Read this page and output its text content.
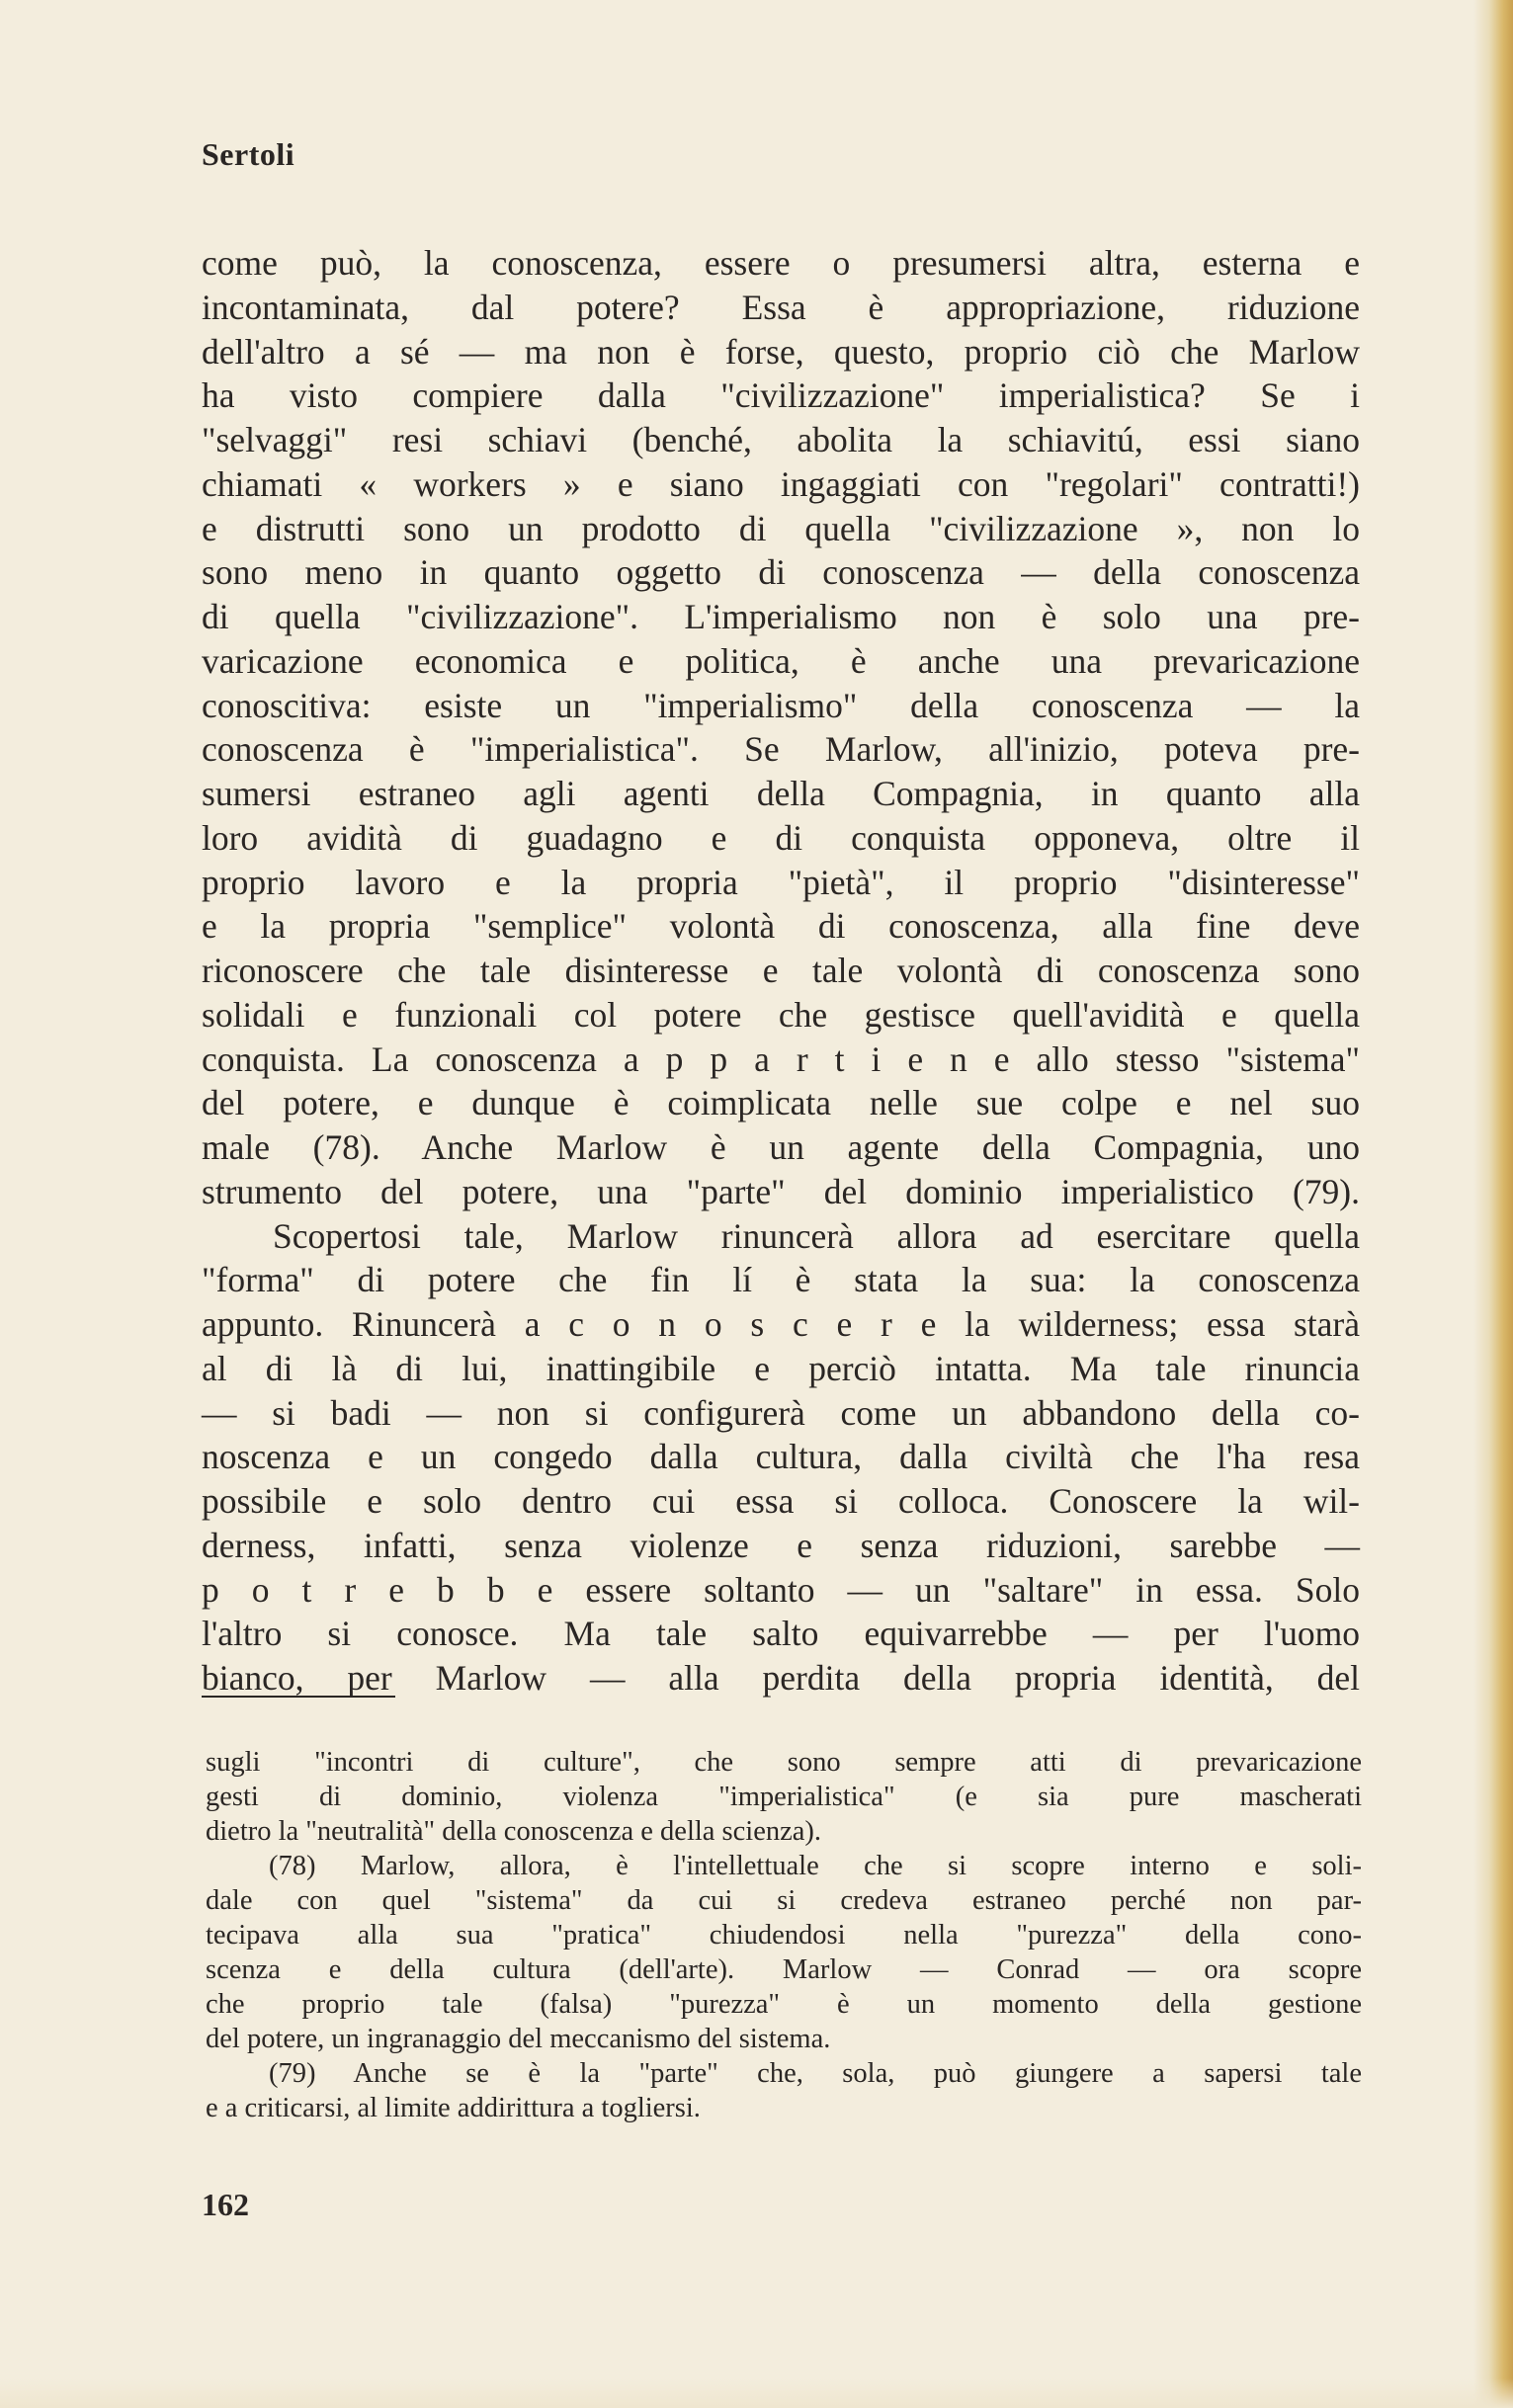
Sertoli
come può, la conoscenza, essere o presumersi altra, esterna e
incontaminata, dal potere? Essa è appropriazione, riduzione
dell'altro a sé — ma non è forse, questo, proprio ciò che Marlow
ha visto compiere dalla "civilizzazione" imperialistica? Se i
"selvaggi" resi schiavi (benché, abolita la schiavitú, essi siano
chiamati « workers » e siano ingaggiati con "regolari" contratti!)
e distrutti sono un prodotto di quella "civilizzazione », non lo
sono meno in quanto oggetto di conoscenza — della conoscenza
di quella "civilizzazione". L'imperialismo non è solo una pre-
varicazione economica e politica, è anche una prevaricazione
conoscitiva: esiste un "imperialismo" della conoscenza — la
conoscenza è "imperialistica". Se Marlow, all'inizio, poteva pre-
sumersi estraneo agli agenti della Compagnia, in quanto alla
loro avidità di guadagno e di conquista opponeva, oltre il
proprio lavoro e la propria "pietà", il proprio "disinteresse"
e la propria "semplice" volontà di conoscenza, alla fine deve
riconoscere che tale disinteresse e tale volontà di conoscenza sono
solidali e funzionali col potere che gestisce quell'avidità e quella
conquista. La conoscenza a p p a r t i e n e allo stesso "sistema"
del potere, e dunque è coimplicata nelle sue colpe e nel suo
male (78). Anche Marlow è un agente della Compagnia, uno
strumento del potere, una "parte" del dominio imperialistico (79).
Scopertosi tale, Marlow rinuncerà allora ad esercitare quella
"forma" di potere che fin lí è stata la sua: la conoscenza
appunto. Rinuncerà a c o n o s c e r e la wilderness; essa starà
al di là di lui, inattingibile e perciò intatta. Ma tale rinuncia
— si badi — non si configurerà come un abbandono della co-
noscenza e un congedo dalla cultura, dalla civiltà che l'ha resa
possibile e solo dentro cui essa si colloca. Conoscere la wil-
derness, infatti, senza violenze e senza riduzioni, sarebbe —
p o t r e b b e essere soltanto — un "saltare" in essa. Solo
l'altro si conosce. Ma tale salto equivarrebbe — per l'uomo
bianco, per Marlow — alla perdita della propria identità, del
sugli "incontri di culture", che sono sempre atti di prevaricazione
gesti di dominio, violenza "imperialistica" (e sia pure mascherati
dietro la "neutralità" della conoscenza e della scienza).
(78) Marlow, allora, è l'intellettuale che si scopre interno e soli-
dale con quel "sistema" da cui si credeva estraneo perché non par-
tecipava alla sua "pratica" chiudendosi nella "purezza" della cono-
scenza e della cultura (dell'arte). Marlow — Conrad — ora scopre
che proprio tale (falsa) "purezza" è un momento della gestione
del potere, un ingranaggio del meccanismo del sistema.
(79) Anche se è la "parte" che, sola, può giungere a sapersi tale
e a criticarsi, al limite addirittura a togliersi.
162
